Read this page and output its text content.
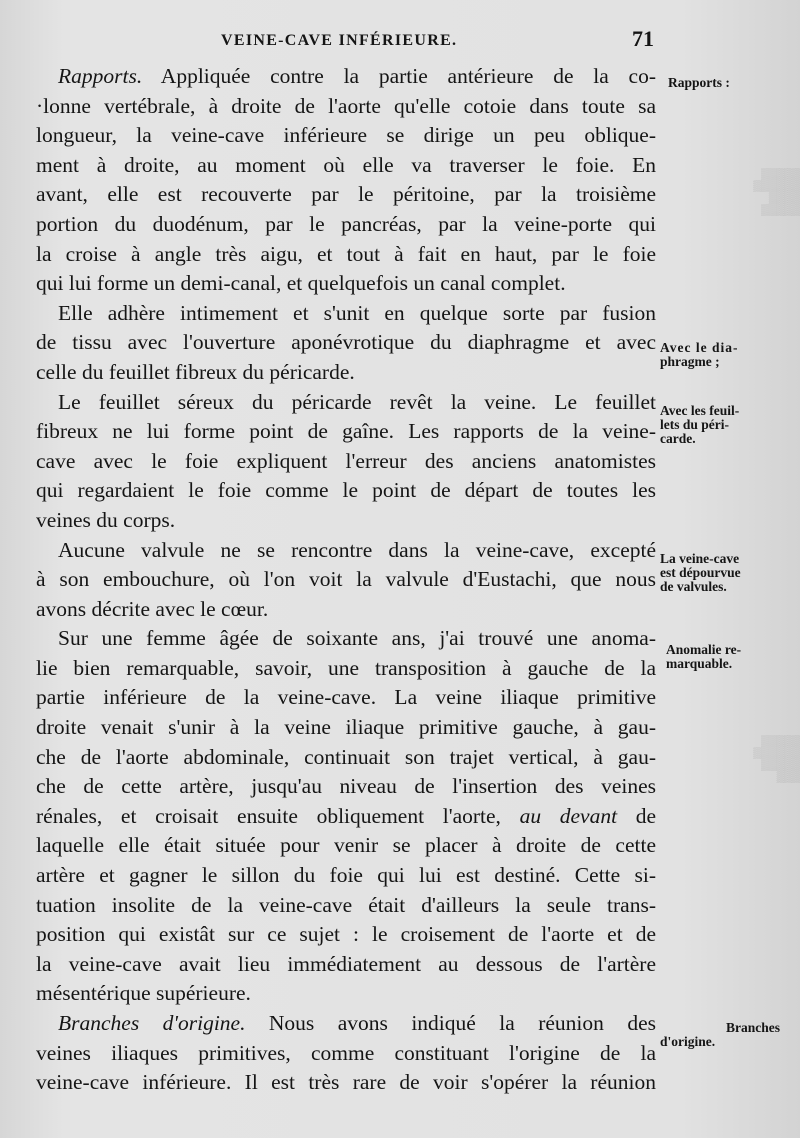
VEINE-CAVE INFÉRIEURE.	71
Rapports. Appliquée contre la partie antérieure de la co-
·lonne vertébrale, à droite de l'aorte qu'elle cotoie dans toute sa
longueur, la veine-cave inférieure se dirige un peu oblique-
ment à droite, au moment où elle va traverser le foie. En
avant, elle est recouverte par le péritoine, par la troisième
portion du duodénum, par le pancréas, par la veine-porte qui
la croise à angle très aigu, et tout à fait en haut, par le foie
qui lui forme un demi-canal, et quelquefois un canal complet.
Elle adhère intimement et s'unit en quelque sorte par fusion
de tissu avec l'ouverture aponévrotique du diaphragme et avec
celle du feuillet fibreux du péricarde.
Le feuillet séreux du péricarde revêt la veine. Le feuillet
fibreux ne lui forme point de gaîne. Les rapports de la veine-
cave avec le foie expliquent l'erreur des anciens anatomistes
qui regardaient le foie comme le point de départ de toutes les
veines du corps.
Aucune valvule ne se rencontre dans la veine-cave, excepté
à son embouchure, où l'on voit la valvule d'Eustachi, que nous
avons décrite avec le cœur.
Sur une femme âgée de soixante ans, j'ai trouvé une anoma-
lie bien remarquable, savoir, une transposition à gauche de la
partie inférieure de la veine-cave. La veine iliaque primitive
droite venait s'unir à la veine iliaque primitive gauche, à gau-
che de l'aorte abdominale, continuait son trajet vertical, à gau-
che de cette artère, jusqu'au niveau de l'insertion des veines
rénales, et croisait ensuite obliquement l'aorte, au devant de
laquelle elle était située pour venir se placer à droite de cette
artère et gagner le sillon du foie qui lui est destiné. Cette si-
tuation insolite de la veine-cave était d'ailleurs la seule trans-
position qui existât sur ce sujet : le croisement de l'aorte et de
la veine-cave avait lieu immédiatement au dessous de l'artère
mésentérique supérieure.
Branches d'origine. Nous avons indiqué la réunion des
veines iliaques primitives, comme constituant l'origine de la
veine-cave inférieure. Il est très rare de voir s'opérer la réunion
Rapports :
Avec le dia-
phragme ;
Avec les feuil-
lets du péri-
carde.
La veine-cave
est dépourvue
de valvules.
Anomalie re-
marquable.
Branches
d'origine.
▒▒▒▒▒
▒▒▒▒▒▒
▒▒▒▒
▒▒▒▒▒
▒▒▒▒▒
▒▒▒▒▒▒
▒▒▒▒▒
▒▒▒
